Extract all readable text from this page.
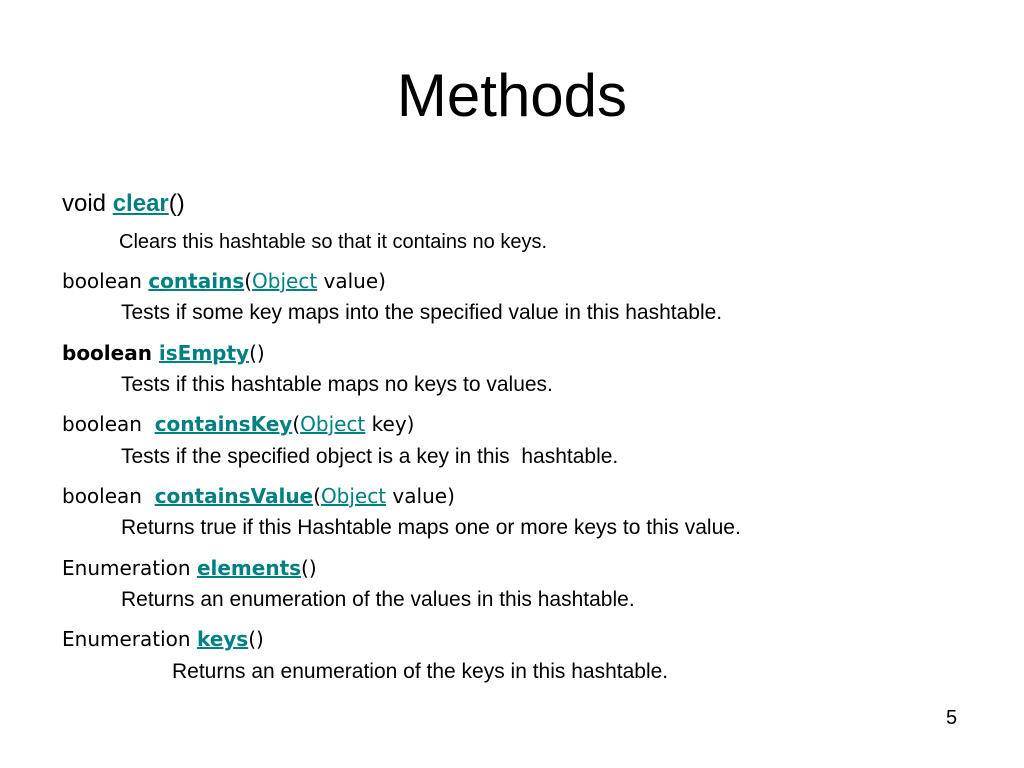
Methods
void clear()
Clears this hashtable so that it contains no keys.
boolean contains(Object value)
Tests if some key maps into the specified value in this hashtable.
boolean isEmpty()
Tests if this hashtable maps no keys to values.
boolean containsKey(Object key)
Tests if the specified object is a key in this  hashtable.
boolean containsValue(Object value)
Returns true if this Hashtable maps one or more keys to this value.
Enumeration elements()
Returns an enumeration of the values in this hashtable.
Enumeration keys()
Returns an enumeration of the keys in this hashtable.
5
